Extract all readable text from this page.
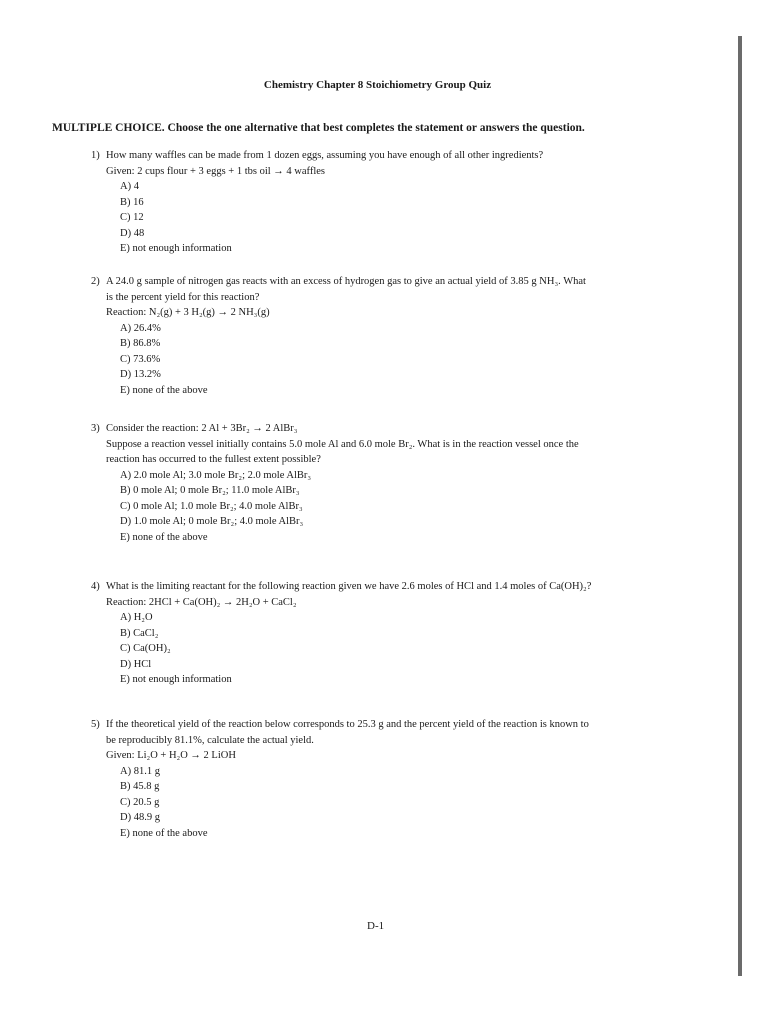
Chemistry Chapter 8 Stoichiometry Group Quiz
MULTIPLE CHOICE. Choose the one alternative that best completes the statement or answers the question.
1) How many waffles can be made from 1 dozen eggs, assuming you have enough of all other ingredients?
Given: 2 cups flour + 3 eggs + 1 tbs oil → 4 waffles
A) 4
B) 16
C) 12
D) 48
E) not enough information
2) A 24.0 g sample of nitrogen gas reacts with an excess of hydrogen gas to give an actual yield of 3.85 g NH₃. What
is the percent yield for this reaction?
Reaction: N₂(g) + 3 H₂(g) → 2 NH₃(g)
A) 26.4%
B) 86.8%
C) 73.6%
D) 13.2%
E) none of the above
3) Consider the reaction: 2 Al + 3Br₂ → 2 AlBr₃
Suppose a reaction vessel initially contains 5.0 mole Al and 6.0 mole Br₂. What is in the reaction vessel once the
reaction has occurred to the fullest extent possible?
A) 2.0 mole Al; 3.0 mole Br₂; 2.0 mole AlBr₃
B) 0 mole Al; 0 mole Br₂; 11.0 mole AlBr₃
C) 0 mole Al; 1.0 mole Br₂; 4.0 mole AlBr₃
D) 1.0 mole Al; 0 mole Br₂; 4.0 mole AlBr₃
E) none of the above
4) What is the limiting reactant for the following reaction given we have 2.6 moles of HCl and 1.4 moles of Ca(OH)₂?
Reaction: 2HCl + Ca(OH)₂ → 2H₂O + CaCl₂
A) H₂O
B) CaCl₂
C) Ca(OH)₂
D) HCl
E) not enough information
5) If the theoretical yield of the reaction below corresponds to 25.3 g and the percent yield of the reaction is known to
be reproducibly 81.1%, calculate the actual yield.
Given: Li₂O + H₂O → 2 LiOH
A) 81.1 g
B) 45.8 g
C) 20.5 g
D) 48.9 g
E) none of the above
D-1
